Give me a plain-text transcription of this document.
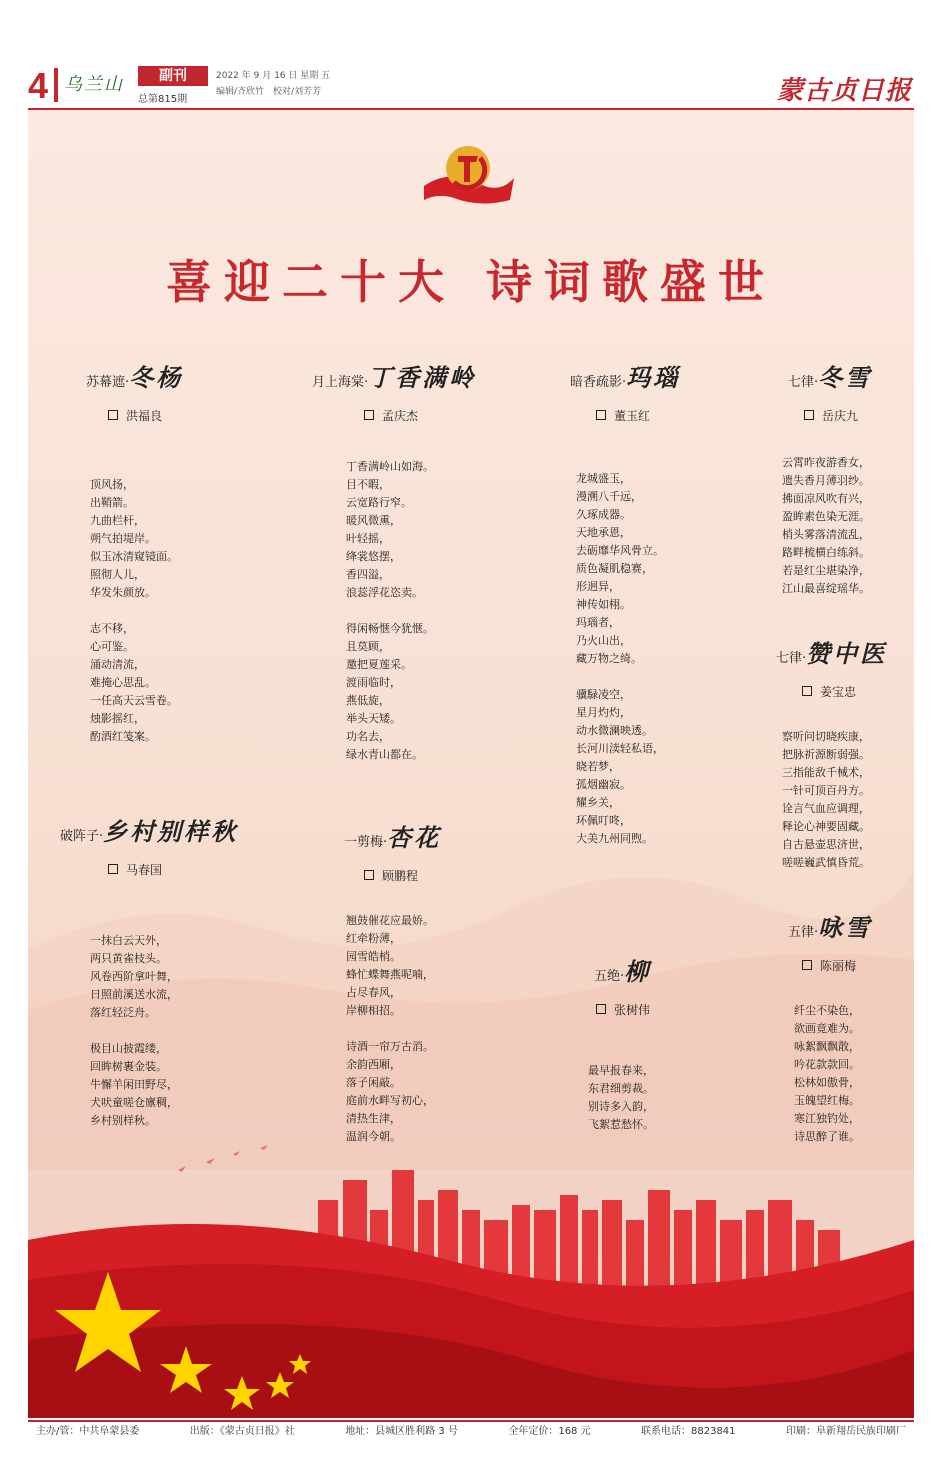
4 乌兰山	副刊
总第815期
2022 年 9 月 16 日 星期 五
编辑/齐欣竹　校对/刘芳芳	蒙古贞日报
喜迎二十大 诗词歌盛世
苏幕遮·冬杨
洪福良
顶风扬，
出鞘箭。
九曲栏杆，
朔气拍堤岸。
似玉冰清窥镜面。
照彻人儿，
华发朱颜放。
志不移，
心可鉴。
涌动清流，
难掩心思乱。
一任高天云雪卷。
烛影摇红，
酌酒红笺案。
月上海棠·丁香满岭
孟庆杰
丁香满岭山如海。
目不暇，
云宽路行窄。
暖风微熏，
叶轻摇，
绛裳悠摆，
香四溢，
浪蕊浮花恣卖。
得闲畅惬今犹惬。
且莫顾，
邀把夏莲采。
渡雨临时，
燕低旋，
举头天矮。
功名去，
绿水青山都在。
暗香疏影·玛瑙
董玉红
龙城盛玉，
漫溯八千远，
久琢成器。
天地承恩，
去砺靡华风骨立。
质色凝肌稳赛，
形迥异，
神传如栩。
玛瑙者，
乃火山出，
藏万物之绮。
骥騄凌空，
星月灼灼，
动水微澜映透。
长河川渎轻私语，
晓若梦，
孤烟幽寂。
耀乡关，
环佩叮咚，
大美九州同煦。
七律·冬雪
岳庆九
云霄昨夜游香女，
遗失香月薄羽纱。
拂面凉风吹有兴，
盈眸素色染无涯。
梢头雾落清流乱，
路畔梳横白练斜。
若是红尘堪染净，
江山最喜绽瑶华。
七律·赞中医
姜宝忠
察听问切晓疾康，
把脉祈源断弱强。
三指能敌千械术，
一针可顶百丹方。
诠言气血应调理，
释论心神要固藏。
自古悬壶思济世，
嗟嗟巍武慎昏荒。
破阵子·乡村别样秋
马春国
一抹白云天外，
两只黄雀枝头。
风卷西阶拿叶舞，
日照前溪送水流，
落红轻泛舟。
极目山披霞缕，
回眸树裹金装。
牛懈羊闲田野尽，
犬吠童嗟仓廪稠，
乡村别样秋。
一剪梅·杏花
顾鹏程
翘鼓催花应最娇。
红牵粉薄，
园雪皓梢。
蜂忙蝶舞燕呢喃，
占尽春风，
岸柳相招。
诗酒一帘万古消。
余韵西厢，
落子闲敲。
庭前水畔写初心，
清热生津，
温润今朝。
五绝·柳
张树伟
最早报春来，
东君细剪裁。
别诗多入韵，
飞絮惹愁怀。
五律·咏雪
陈丽梅
纤尘不染色，
欲画竟难为。
咏絮飘飘散，
吟花款款回。
松林如傲骨，
玉魄望红梅。
寒江独钓处，
诗思醉了谁。
主办/管：中共阜蒙县委	出版：《蒙古贞日报》社	地址：县城区胜利路 3 号	全年定价：168 元	联系电话：8823841	印刷：阜新翔岳民族印刷厂
